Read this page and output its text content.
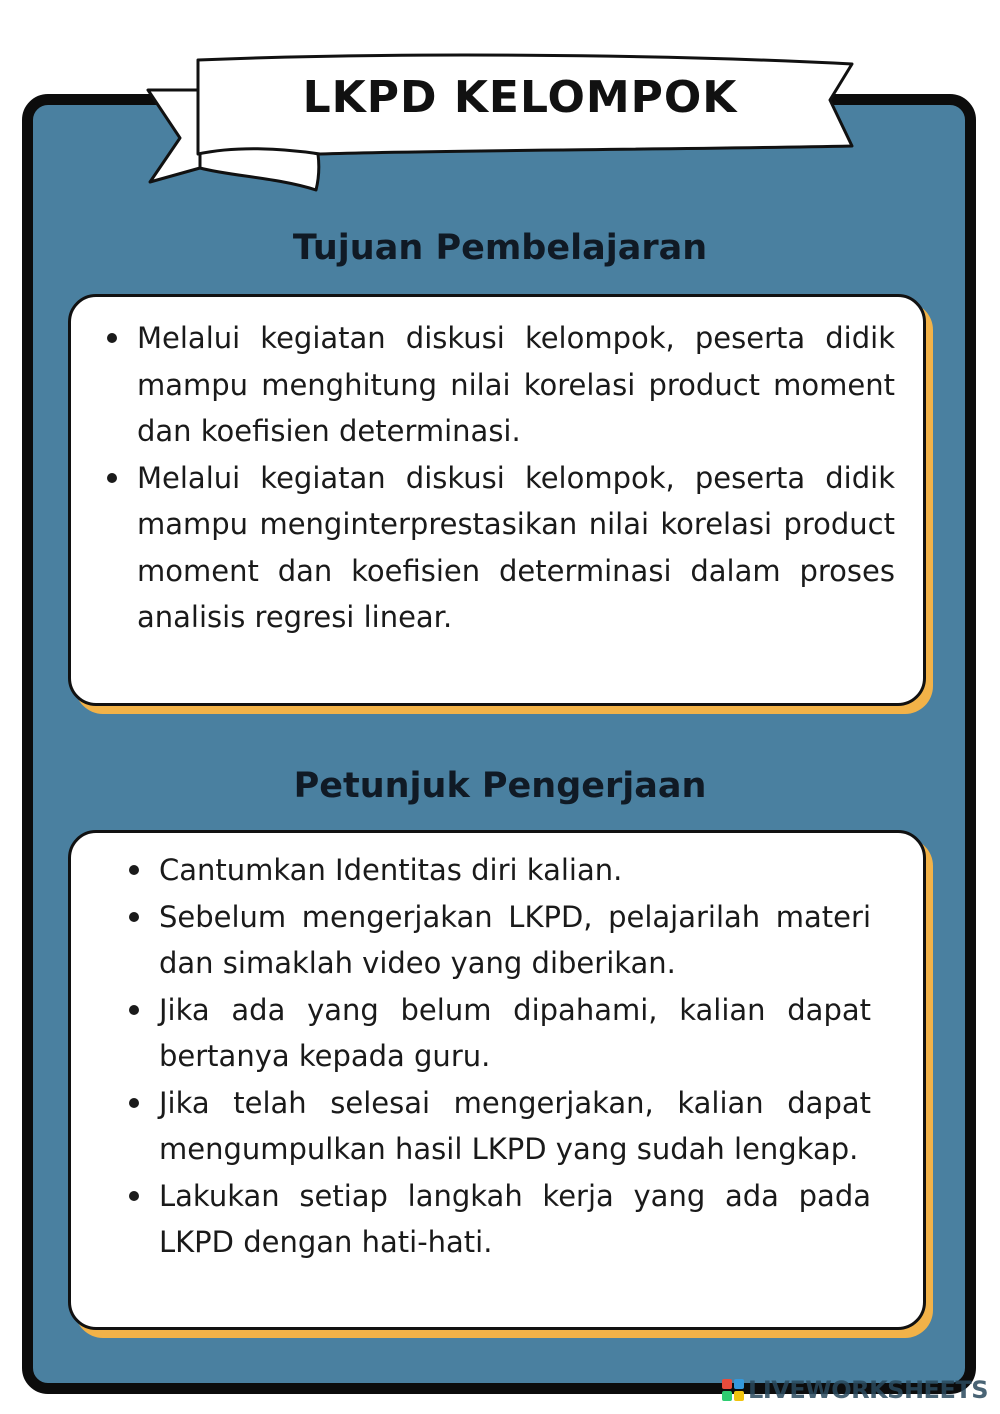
LKPD KELOMPOK
Tujuan Pembelajaran
Melalui kegiatan diskusi kelompok, peserta didik mampu menghitung nilai korelasi product moment dan koefisien determinasi.
Melalui kegiatan diskusi kelompok, peserta didik mampu menginterprestasikan nilai korelasi product moment dan koefisien determinasi dalam proses analisis regresi linear.
Petunjuk Pengerjaan
Cantumkan Identitas diri kalian.
Sebelum mengerjakan LKPD, pelajarilah materi dan simaklah video yang diberikan.
Jika ada yang belum dipahami, kalian dapat bertanya kepada guru.
Jika telah selesai mengerjakan, kalian dapat mengumpulkan hasil LKPD yang sudah lengkap.
Lakukan setiap langkah kerja yang ada pada LKPD dengan hati-hati.
LIVEWORKSHEETS
